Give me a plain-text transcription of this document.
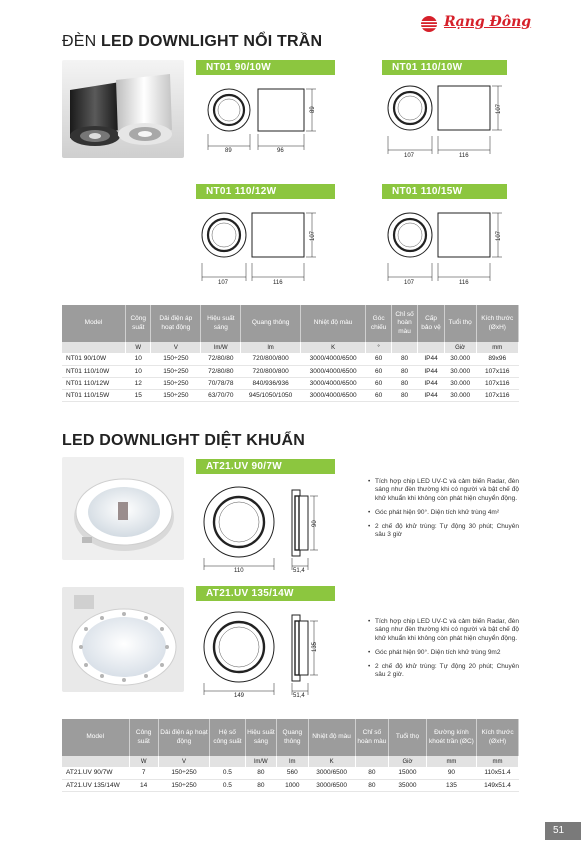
Rạng Đông
ĐÈN LED DOWNLIGHT NỔI TRẦN
NT01 90/10W	NT01 110/10W
NT01 110/12W	NT01 110/15W
89	96
89
107	116
107
107	116
107
107	116
107
Model	Công suất	Dải điện áp hoạt động	Hiệu suất sáng	Quang thông	Nhiệt độ màu	Góc chiếu	Chỉ số hoàn màu	Cấp bảo vệ	Tuổi thọ	Kích thước (ØxH)
	W	V	lm/W	lm	K	°			Giờ	mm
NT01 90/10W	10	150÷250	72/80/80	720/800/800	3000/4000/6500	60	80	IP44	30.000	89x96
NT01 110/10W	10	150÷250	72/80/80	720/800/800	3000/4000/6500	60	80	IP44	30.000	107x116
NT01 110/12W	12	150÷250	70/78/78	840/936/936	3000/4000/6500	60	80	IP44	30.000	107x116
NT01 110/15W	15	150÷250	63/70/70	945/1050/1050	3000/4000/6500	60	80	IP44	30.000	107x116
LED DOWNLIGHT DIỆT KHUẨN
AT21.UV 90/7W
AT21.UV 135/14W
110	51,4
90
149	51,4
135
• Tích hợp chip LED UV-C và cảm biến Radar, đèn sáng như đèn thường khi có người và bật chế độ khử khuẩn khi không còn phát hiện chuyển động.
• Góc phát hiện 90°. Diện tích khử trùng 4m²
• 2 chế độ khử trùng: Tự động 30 phút; Chuyên sâu 3 giờ
• Tích hợp chip LED UV-C và cảm biến Radar, đèn sáng như đèn thường khi có người và bật chế độ khử khuẩn khi không còn phát hiện chuyển động.
• Góc phát hiện 90°. Diện tích khử trùng 9m2
• 2 chế độ khử trùng: Tự động 20 phút; Chuyên sâu 2 giờ.
Model	Công suất	Dải điện áp hoạt động	Hệ số công suất	Hiệu suất sáng	Quang thông	Nhiệt độ màu	Chỉ số hoàn màu	Tuổi thọ	Đường kính khoét trần (ØC)	Kích thước (ØxH)
	W	V		lm/W	lm	K		Giờ	mm	mm
AT21.UV 90/7W	7	150÷250	0.5	80	560	3000/6500	80	15000	90	110x51.4
AT21.UV 135/14W	14	150÷250	0.5	80	1000	3000/6500	80	35000	135	149x51.4
51
